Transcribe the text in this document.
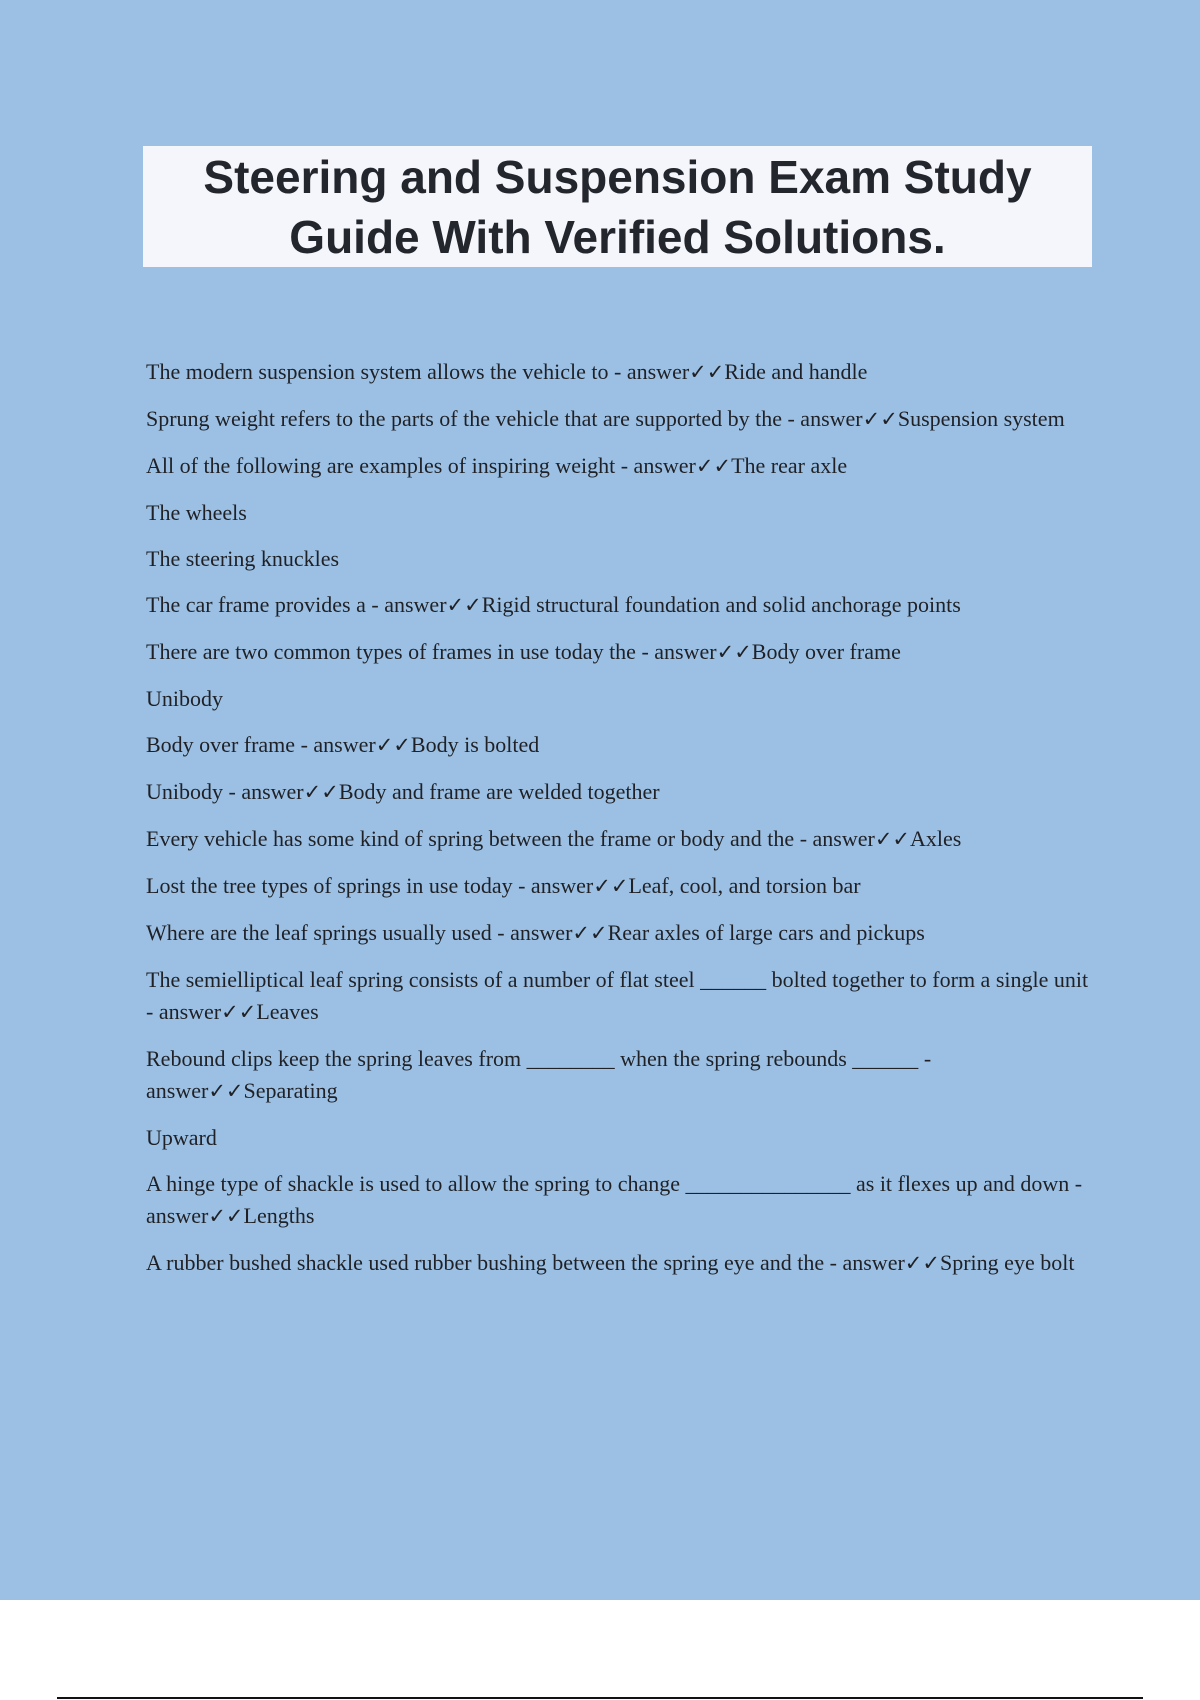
Steering and Suspension Exam Study Guide With Verified Solutions.

The modern suspension system allows the vehicle to - answer✓✓Ride and handle

Sprung weight refers to the parts of the vehicle that are supported by the - answer✓✓Suspension system

All of the following are examples of inspiring weight - answer✓✓The rear axle

The wheels

The steering knuckles

The car frame provides a - answer✓✓Rigid structural foundation and solid anchorage points

There are two common types of frames in use today the - answer✓✓Body over frame

Unibody

Body over frame - answer✓✓Body is bolted

Unibody - answer✓✓Body and frame are welded together

Every vehicle has some kind of spring between the frame or body and the - answer✓✓Axles

Lost the tree types of springs in use today - answer✓✓Leaf, cool, and torsion bar

Where are the leaf springs usually used - answer✓✓Rear axles of large cars and pickups

The semielliptical leaf spring consists of a number of flat steel ______ bolted together to form a single unit - answer✓✓Leaves

Rebound clips keep the spring leaves from ________ when the spring rebounds ______ - answer✓✓Separating

Upward

A hinge type of shackle is used to allow the spring to change _______________ as it flexes up and down - answer✓✓Lengths

A rubber bushed shackle used rubber bushing between the spring eye and the - answer✓✓Spring eye bolt
